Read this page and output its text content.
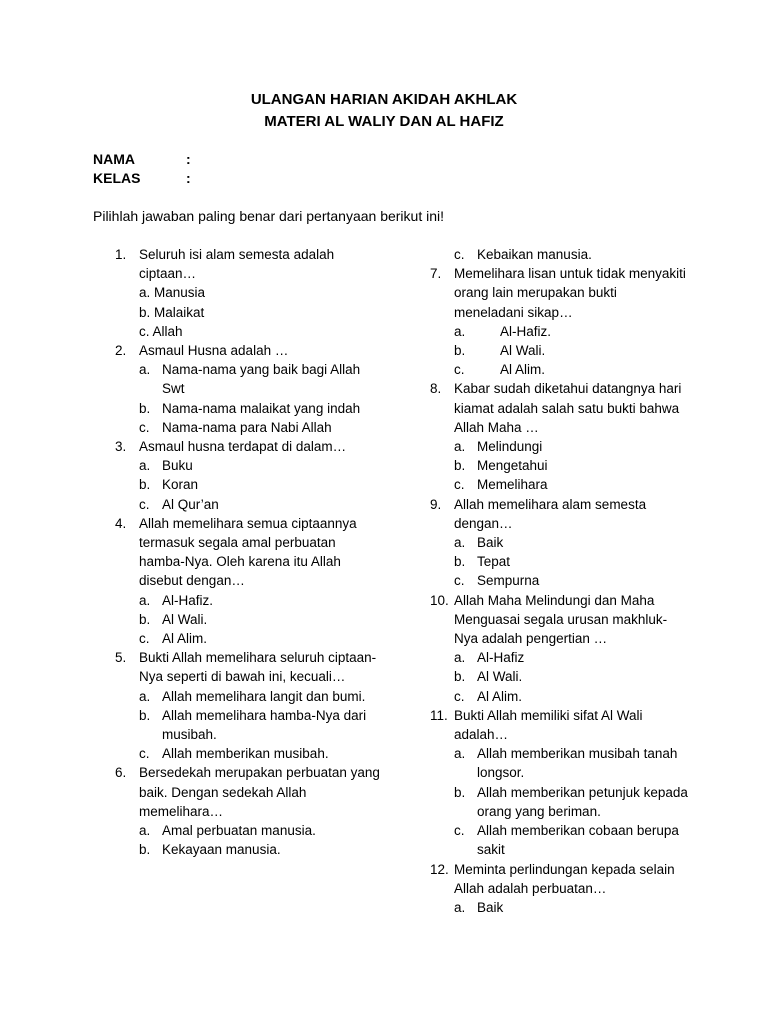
ULANGAN HARIAN AKIDAH AKHLAK
MATERI AL WALIY DAN AL HAFIZ
NAMA	:
KELAS	:
Pilihlah jawaban paling benar dari pertanyaan berikut ini!
1. Seluruh isi alam semesta adalah ciptaan…
a. Manusia
b. Malaikat
c. Allah
2. Asmaul Husna adalah …
a. Nama-nama yang baik bagi Allah Swt
b. Nama-nama malaikat yang indah
c. Nama-nama para Nabi Allah
3. Asmaul husna terdapat di dalam…
a. Buku
b. Koran
c. Al Qur’an
4. Allah memelihara semua ciptaannya termasuk segala amal perbuatan hamba-Nya. Oleh karena itu Allah disebut dengan…
a. Al-Hafiz.
b. Al Wali.
c. Al Alim.
5. Bukti Allah memelihara seluruh ciptaan-Nya seperti di bawah ini, kecuali…
a. Allah memelihara langit dan bumi.
b. Allah memelihara hamba-Nya dari musibah.
c. Allah memberikan musibah.
6. Bersedekah merupakan perbuatan yang baik. Dengan sedekah Allah memelihara…
a. Amal perbuatan manusia.
b. Kekayaan manusia.
c. Kebaikan manusia.
7. Memelihara lisan untuk tidak menyakiti orang lain merupakan bukti meneladani sikap…
a.	Al-Hafiz.
b.	Al Wali.
c.	Al Alim.
8. Kabar sudah diketahui datangnya hari kiamat adalah salah satu bukti bahwa Allah Maha …
a. Melindungi
b. Mengetahui
c. Memelihara
9. Allah memelihara alam semesta dengan…
a. Baik
b. Tepat
c. Sempurna
10. Allah Maha Melindungi dan Maha Menguasai segala urusan makhluk-Nya adalah pengertian …
a. Al-Hafiz
b. Al Wali.
c. Al Alim.
11. Bukti Allah memiliki sifat Al Wali adalah…
a. Allah memberikan musibah tanah longsor.
b. Allah memberikan petunjuk kepada orang yang beriman.
c. Allah memberikan cobaan berupa sakit
12. Meminta perlindungan kepada selain Allah adalah perbuatan…
a. Baik
